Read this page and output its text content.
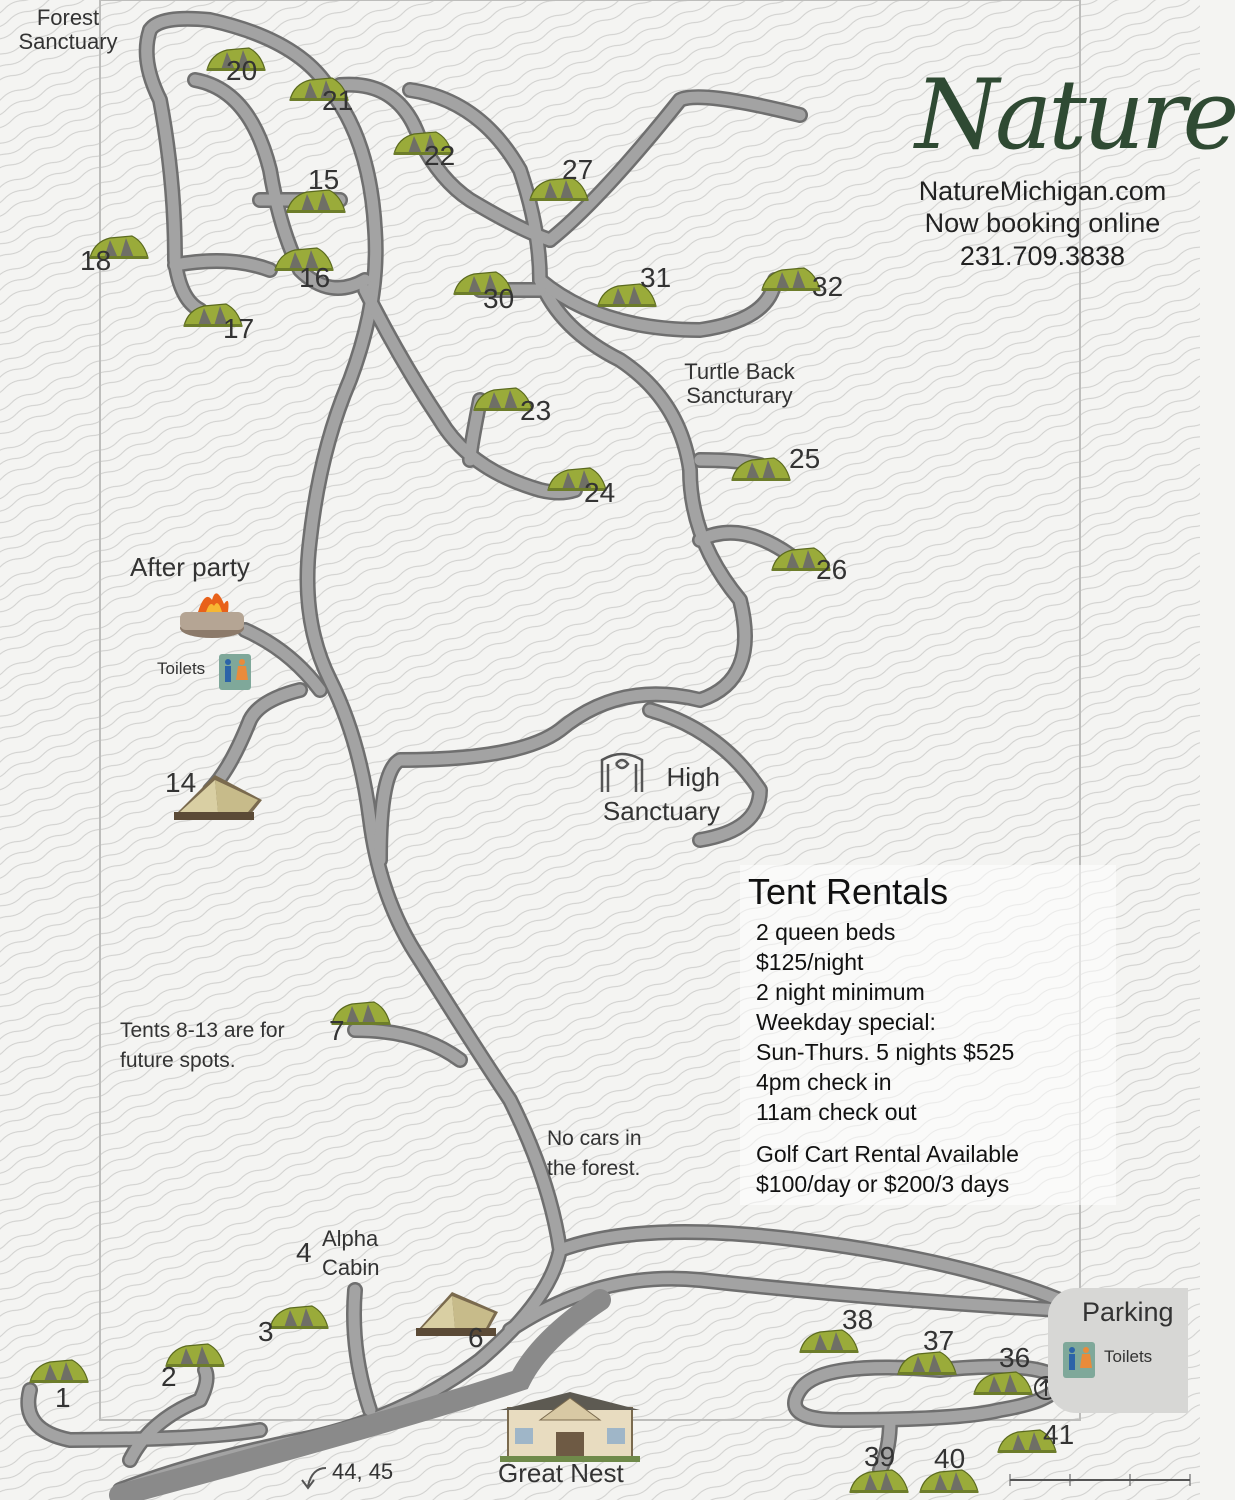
Forest Sanctuary
Turtle Back Sancturary
After party
High Sanctuary
Alpha Cabin
Great Nest
Parking
Toilets
Toilets
Tents 8-13 are for future spots.
No cars in the forest.
44, 45
20
21
22	27
15
18
16
30
31	32
17
23
25
24
26
14
7
4
3
2
1
6
38
37
36
41
39 40
Nature
NatureMichigan.com
Now booking online
231.709.3838
Tent Rentals
2 queen beds
$125/night
2 night minimum
Weekday special:
Sun-Thurs. 5 nights $525
4pm check in
11am check out
Golf Cart Rental Available
$100/day or $200/3 days
